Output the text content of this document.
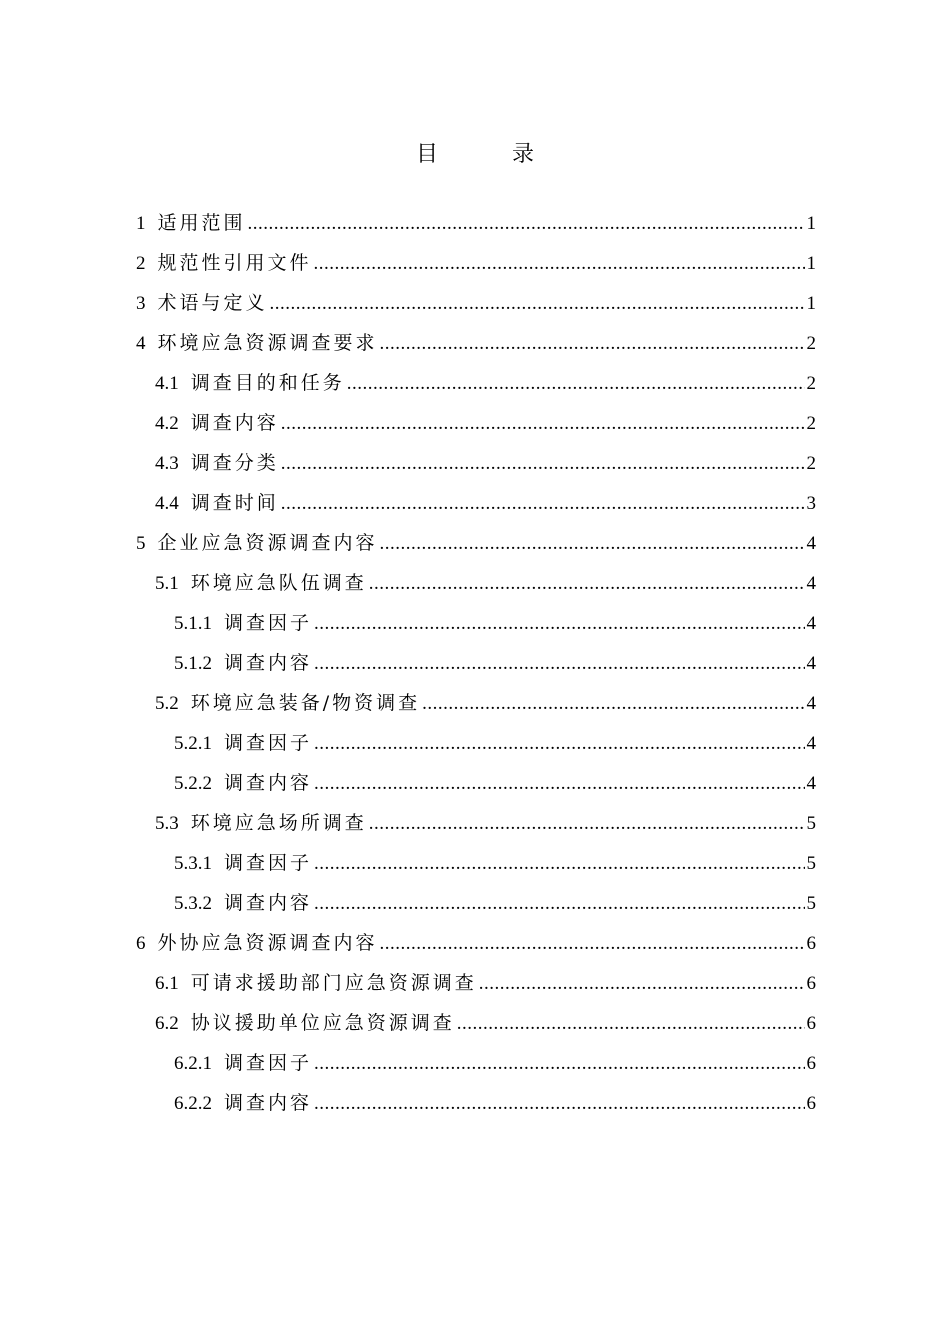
目　录
1 适用范围 .....	1
2 规范性引用文件 .....	1
3 术语与定义 .....	1
4 环境应急资源调查要求 .....	2
4.1 调查目的和任务 .....	2
4.2 调查内容 .....	2
4.3 调查分类 .....	2
4.4 调查时间 .....	3
5 企业应急资源调查内容 .....	4
5.1 环境应急队伍调查 .....	4
5.1.1 调查因子 .....	4
5.1.2 调查内容 .....	4
5.2 环境应急装备/物资调查 .....	4
5.2.1 调查因子 .....	4
5.2.2 调查内容 .....	4
5.3 环境应急场所调查 .....	5
5.3.1 调查因子 .....	5
5.3.2 调查内容 .....	5
6 外协应急资源调查内容 .....	6
6.1 可请求援助部门应急资源调查 .....	6
6.2 协议援助单位应急资源调查 .....	6
6.2.1 调查因子 .....	6
6.2.2 调查内容 .....	6
